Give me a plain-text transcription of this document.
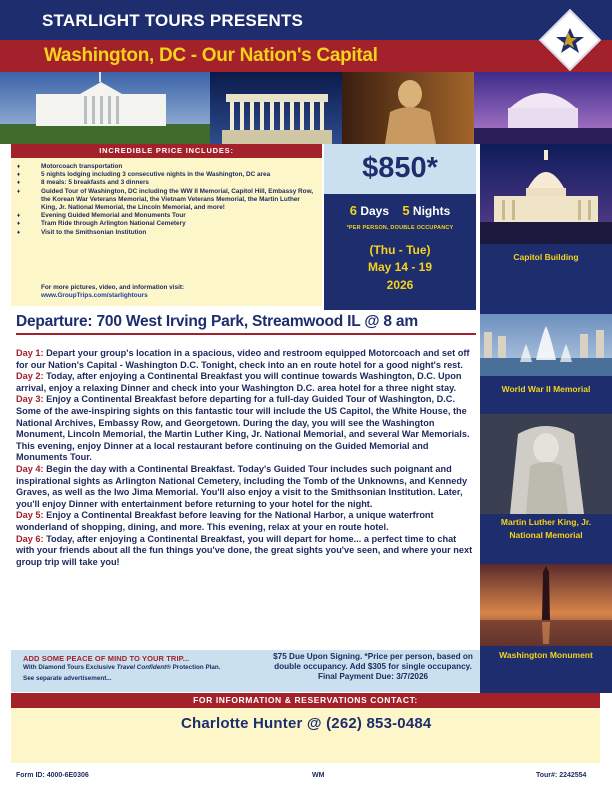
STARLIGHT TOURS PRESENTS
Washington, DC - Our Nation's Capital
INCREDIBLE PRICE INCLUDES:
♦	Motorcoach transportation
♦	5 nights lodging including 3 consecutive nights in the Washington, DC area
♦	8 meals: 5 breakfasts and 3 dinners
♦	Guided Tour of Washington, DC including the WW II Memorial, Capitol Hill, Embassy Row, the Korean War Veterans Memorial, the Vietnam Veterans Memorial, the Martin Luther King, Jr. National Memorial, the Lincoln Memorial, and more!
♦	Evening Guided Memorial and Monuments Tour
♦	Tram Ride through Arlington National Cemetery
♦	Visit to the Smithsonian Institution
For more pictures, video, and information visit:
www.GroupTrips.com/starlightours
$850*
6 Days 5 Nights
*PER PERSON, DOUBLE OCCUPANCY
(Thu - Tue)
May 14 - 19
2026
Capitol Building
World War II Memorial
Martin Luther King, Jr.
National Memorial
Washington Monument
Departure: 700 West Irving Park, Streamwood IL @ 8 am

Day 1: Depart your group's location in a spacious, video and restroom equipped Motorcoach and set off for our Nation's Capital - Washington D.C. Tonight, check into an en route hotel for a good night's rest.

Day 2: Today, after enjoying a Continental Breakfast you will continue towards Washington, D.C. Upon arrival, enjoy a relaxing Dinner and check into your Washington D.C. area hotel for a three night stay.

Day 3: Enjoy a Continental Breakfast before departing for a full-day Guided Tour of Washington, D.C. Some of the awe-inspiring sights on this fantastic tour will include the US Capitol, the White House, the National Archives, Embassy Row, and Georgetown. During the day, you will see the Washington Monument, Lincoln Memorial, the Martin Luther King, Jr. National Memorial, and several War Memorials. This evening, enjoy Dinner at a local restaurant before continuing on the Guided Memorial and Monuments Tour.

Day 4: Begin the day with a Continental Breakfast. Today's Guided Tour includes such poignant and inspirational sights as Arlington National Cemetery, including the Tomb of the Unknowns, and Kennedy Graves, as well as the Iwo Jima Memorial. You'll also enjoy a visit to the Smithsonian Institution. Later, you'll enjoy Dinner with entertainment before returning to your hotel for the night.

Day 5: Enjoy a Continental Breakfast before leaving for the National Harbor, a unique waterfront wonderland of shopping, dining, and more. This evening, relax at your en route hotel.

Day 6: Today, after enjoying a Continental Breakfast, you will depart for home... a perfect time to chat with your friends about all the fun things you've done, the great sights you've seen, and where your next group trip will take you!

ADD SOME PEACE OF MIND TO YOUR TRIP...
With Diamond Tours Exclusive Travel Confident® Protection Plan.
See separate advertisement...
$75 Due Upon Signing. *Price per person, based on
double occupancy. Add $305 for single occupancy.
Final Payment Due: 3/7/2026
FOR INFORMATION & RESERVATIONS CONTACT:
Charlotte Hunter @ (262) 853-0484
Form ID: 4000-6E0306	WM	Tour#: 2242554
